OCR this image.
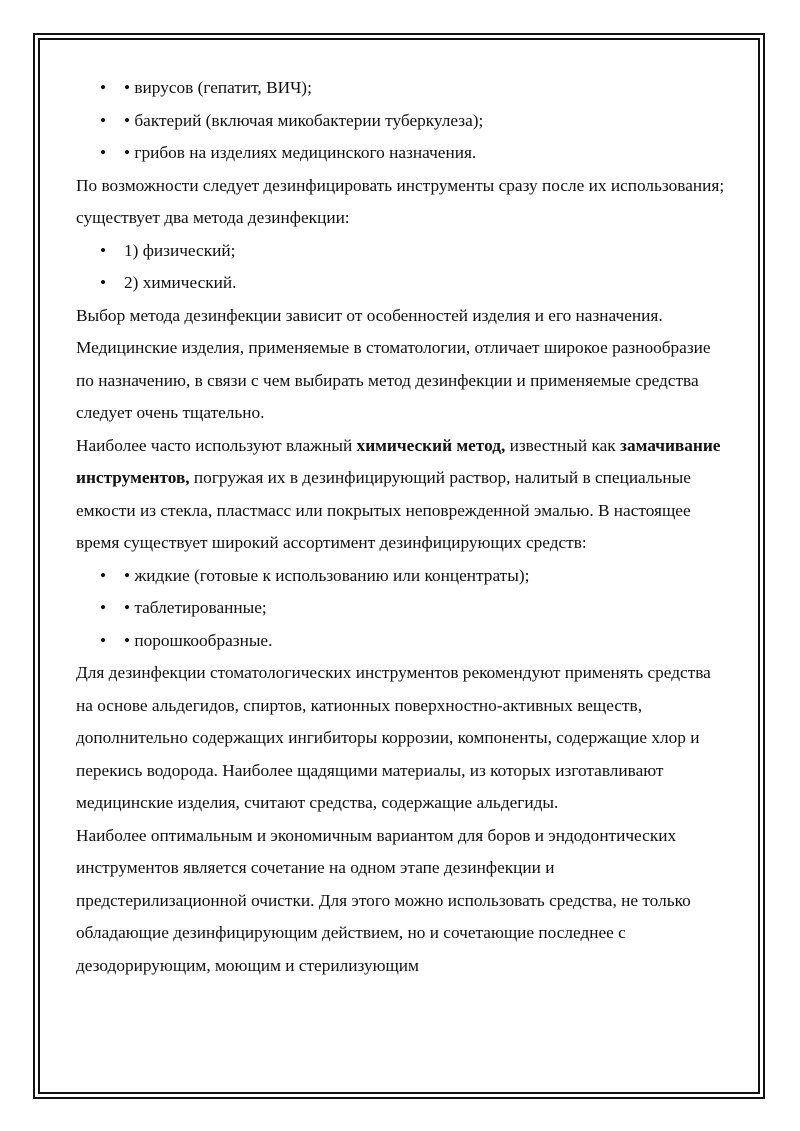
• • вирусов (гепатит, ВИЧ);
• • бактерий (включая микобактерии туберкулеза);
• • грибов на изделиях медицинского назначения.

По возможности следует дезинфицировать инструменты сразу после их использования; существует два метода дезинфекции:

• 1) физический;
• 2) химический.

Выбор метода дезинфекции зависит от особенностей изделия и его назначения.

Медицинские изделия, применяемые в стоматологии, отличает широкое разнообразие по назначению, в связи с чем выбирать метод дезинфекции и применяемые средства следует очень тщательно.

Наиболее часто используют влажный химический метод, известный как замачивание инструментов, погружая их в дезинфицирующий раствор, налитый в специальные емкости из стекла, пластмасс или покрытых неповрежденной эмалью. В настоящее время существует широкий ассортимент дезинфицирующих средств:

• • жидкие (готовые к использованию или концентраты);
• • таблетированные;
• • порошкообразные.

Для дезинфекции стоматологических инструментов рекомендуют применять средства на основе альдегидов, спиртов, катионных поверхностно-активных веществ, дополнительно содержащих ингибиторы коррозии, компоненты, содержащие хлор и перекись водорода. Наиболее щадящими материалы, из которых изготавливают медицинские изделия, считают средства, содержащие альдегиды.

Наиболее оптимальным и экономичным вариантом для боров и эндодонтических инструментов является сочетание на одном этапе дезинфекции и предстерилизационной очистки. Для этого можно использовать средства, не только обладающие дезинфицирующим действием, но и сочетающие последнее с дезодорирующим, моющим и стерилизующим
